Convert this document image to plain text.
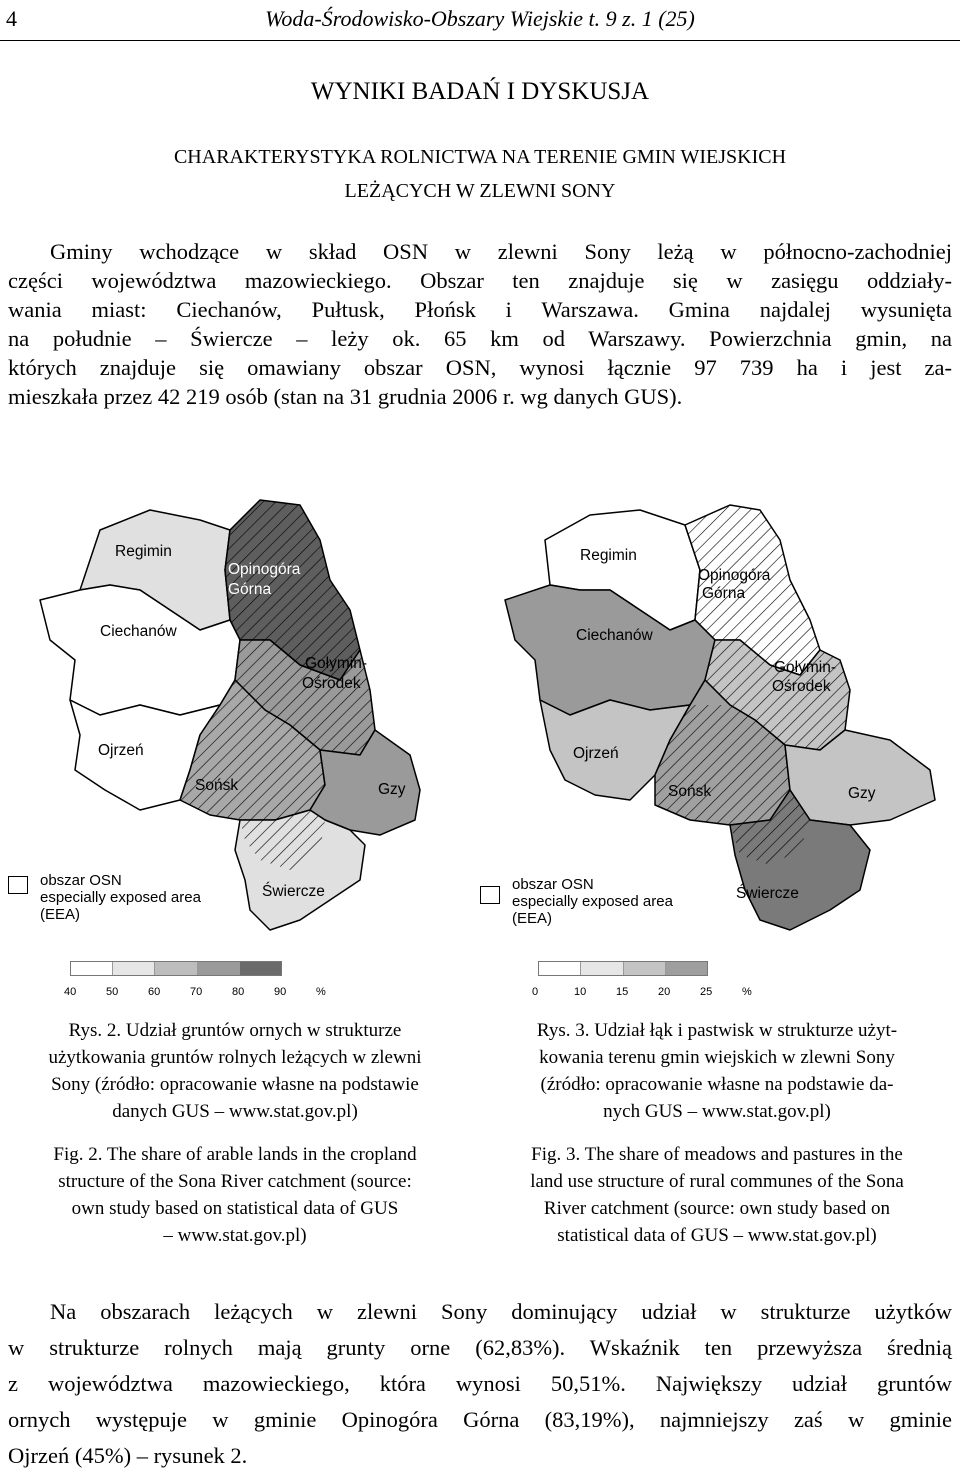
4	Woda-Środowisko-Obszary Wiejskie t. 9 z. 1 (25)
WYNIKI BADAŃ I DYSKUSJA
CHARAKTERYSTYKA ROLNICTWA NA TERENIE GMIN WIEJSKICH
LEŻĄCYCH W ZLEWNI SONY
Gminy wchodzące w skład OSN w zlewni Sony leżą w północno-zachodniej
części województwa mazowieckiego. Obszar ten znajduje się w zasięgu oddziały-
wania miast: Ciechanów, Pułtusk, Płońsk i Warszawa. Gmina najdalej wysunięta
na południe – Świercze – leży ok. 65 km od Warszawy. Powierzchnia gmin, na
których znajduje się omawiany obszar OSN, wynosi łącznie 97 739 ha i jest za-
mieszkała przez 42 219 osób (stan na 31 grudnia 2006 r. wg danych GUS).
Regimin
Opinogóra
Górna
Ciechanów
Gołymin-
Ośrodek
Ojrzeń
Sońsk	Gzy
Świercze
obszar OSN
especially exposed area
(EEA)
40	50	60	70	80	90	%
Regimin
Opinogóra
Górna
Ciechanów
Gołymin-
Ośrodek
Ojrzeń
Sońsk	Gzy
Świercze
obszar OSN
especially exposed area
(EEA)
0	10	15	20	25	%
Rys. 2. Udział gruntów ornych w strukturze
użytkowania gruntów rolnych leżących w zlewni
Sony (źródło: opracowanie własne na podstawie
danych GUS – www.stat.gov.pl)
Fig. 2. The share of arable lands in the cropland
structure of the Sona River catchment (source:
own study based on statistical data of GUS
– www.stat.gov.pl)
Rys. 3. Udział łąk i pastwisk w strukturze użyt-
kowania terenu gmin wiejskich w zlewni Sony
(źródło: opracowanie własne na podstawie da-
nych GUS – www.stat.gov.pl)
Fig. 3. The share of meadows and pastures in the
land use structure of rural communes of the Sona
River catchment (source: own study based on
statistical data of GUS – www.stat.gov.pl)
Na obszarach leżących w zlewni Sony dominujący udział w strukturze użytków
w strukturze rolnych mają grunty orne (62,83%). Wskaźnik ten przewyższa średnią
z województwa mazowieckiego, która wynosi 50,51%. Największy udział gruntów
ornych występuje w gminie Opinogóra Górna (83,19%), najmniejszy zaś w gminie
Ojrzeń (45%) – rysunek 2.
